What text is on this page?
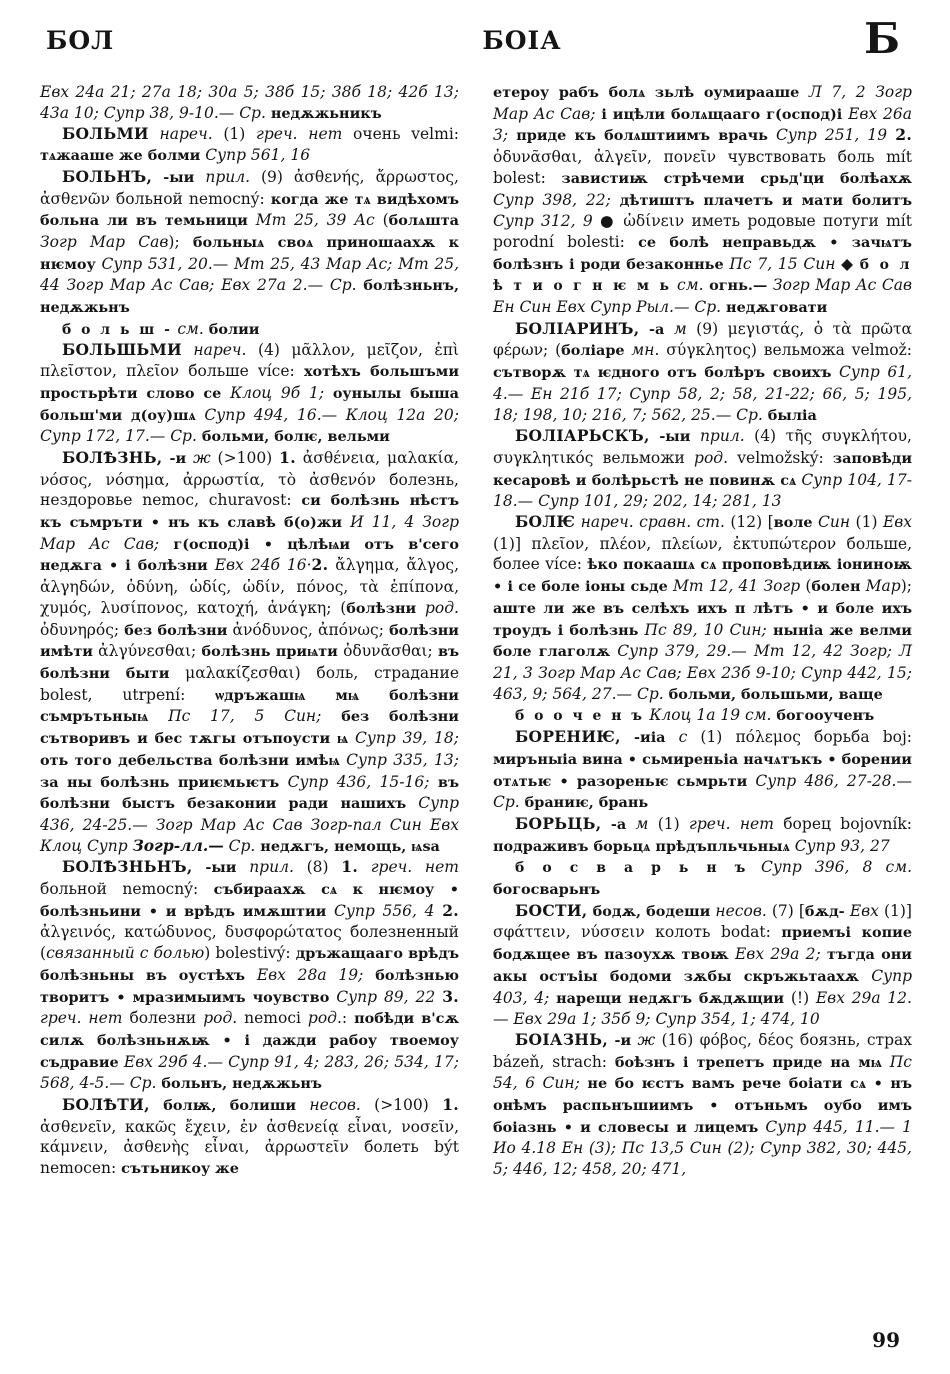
БОЛ	БОІА	Б

Евх 24а 21; 27а 18; 30а 5; 38б 15; 38б 18; 42б 13; 43а 10; Супр 38, 9-10.— Ср. недѫжьникъ

БОЛЬМИ нареч. (1) греч. нет очень velmi: тѧжааше же болми Супр 561, 16

БОЛЬНЪ, -ыи прил. (9) ἀσθενής, ἄρρωστος, ἀσθενῶν больной nemocný: когда же тѧ видѣхомъ больна ли въ темьници Мт 25, 39 Ас (болѧшта Зогр Мар Сав); больныѧ своѧ приношаахѫ к нѥмоу Супр 531, 20.— Мт 25, 43 Мар Ас; Мт 25, 44 Зогр Мар Ас Сав; Евх 27а 2.— Ср. болѣзньнъ, недѫжьнъ

б о л ь ш - см. болии

БОЛЬШЬМИ нареч. (4) μᾶλλον, μεῖζον, ἐπὶ πλεῖστον, πλεῖον больше více: хотѣхъ большъми простьрѣти слово се Клоц 9б 1; оунылы быша больш'ми д(оу)шѧ Супр 494, 16.— Клоц 12а 20; Супр 172, 17.— Ср. больми, болѥ, вельми

БОЛѢЗНЬ, -и ж (>100) 1. ἀσθένεια, μαλακία, νόσος, νόσημα, ἀρρωστία, τὸ ἀσθενόν болезнь, нездоровье nemoc, churavost: си болѣзнь нѣстъ къ съмръти • нъ къ славѣ б(о)жи И 11, 4 Зогр Мар Ас Сав; г(оспод)і • цѣлѣѩи отъ в'сего недѫга • і болѣзни Евх 24б 16·2. ἄλγημα, ἄλγος, ἀλγηδών, ὀδύνη, ὠδίς, ὠδίν, πόνος, τὰ ἐπίπονα, χυμός, λυσίπονος, κατοχή, ἀνάγκη; (болѣзни род. ὀδυνηρός; без болѣзни ἀνόδυνος, ἀπόνως; болѣзни имѣти ἀλγύνεσθαι; болѣзнь приѩти ὀδυνᾶσθαι; въ болѣзни быти μαλακίζεσθαι) боль, страдание bolest, utrpení: ѡдръжашѩ мѩ болѣзни съмрътьныѩ Пс 17, 5 Син; без болѣзни сътворивъ и бес тѫгы отъпоусти ѩ Супр 39, 18; оть того дебельства болѣзни имѣѩ Супр 335, 13; за ны болѣзнь приѥмьѥтъ Супр 436, 15-16; въ болѣзни быстъ безаконии ради нашихъ Супр 436, 24-25.— Зогр Мар Ас Сав Зогр-пал Син Евх Клоц Супр Зогр-лл.— Ср. недѫгъ, немощь, ѩѕа

БОЛѢЗНЬНЪ, -ыи прил. (8) 1. греч. нет больной nemocný: събираахѫ сѧ к нѥмоу • болѣзньини • и врѣдъ имѫштии Супр 556, 4 2. ἀλγεινός, κατώδυνος, δυσφορώτατος болезненный (связанный с болью) bolestivý: дръжащааго врѣдъ болѣзньны въ оустѣхъ Евх 28а 19; болѣзнью творитъ • мразимыимъ чоувство Супр 89, 22 3. греч. нет болезни род. nemoci род.: побѣди в'сѫ силѫ болѣзньнѫѭ • і дажди рабоу твоемоу съдравие Евх 29б 4.— Супр 91, 4; 283, 26; 534, 17; 568, 4-5.— Ср. больнъ, недѫжьнъ

БОЛѢТИ, болѭ, болиши несов. (>100) 1. ἀσθενεῖν, κακῶς ἔχειν, ἐν ἀσθενείᾳ εἶναι, νοσεῖν, κάμνειν, ἀσθενὴς εἶναι, ἀρρωστεῖν болеть být nemocen: сътьникоу же

етероу рабъ болѧ зьлѣ оумирааше Л 7, 2 Зогр Мар Ас Сав; і ицѣли болѧщааго г(оспод)і Евх 26а 3; приде къ болѧштиимъ врачь Супр 251, 19 2. ὀδυνᾶσθαι, ἀλγεῖν, πονεῖν чувствовать боль mít bolest: завистиѭ стрѣчеми срьд'ци болѣахѫ Супр 398, 22; дѣтиштъ плачетъ и мати болитъ Супр 312, 9 ● ὠδίνειν иметь родовые потуги mít porodní bolesti: се болѣ неправьдѫ • зачѩтъ болѣзнъ і роди безаконнье Пс 7, 15 Син ◆ б о л ѣ т и о г н ѥ м ь см. огнь.— Зогр Мар Ас Сав Ен Син Евх Супр Рыл.— Ср. недѫговати

БОЛІАРИНЪ, -а м (9) μεγιστάς, ὁ τὰ πρῶτα φέρων; (боліаре мн. σύγκλητος) вельможа velmož: сътворѫ тѧ ѥдного отъ болѣръ своихъ Супр 61, 4.— Ен 21б 17; Супр 58, 2; 58, 21-22; 66, 5; 195, 18; 198, 10; 216, 7; 562, 25.— Ср. быліа

БОЛІАРЬСКЪ, -ыи прил. (4) τῆς συγκλήτου, συγκλητικός вельможи род. velmožský: заповѣди кесаровѣ и болѣрьстѣ не повинѫ сѧ Супр 104, 17-18.— Супр 101, 29; 202, 14; 281, 13

БОЛѤ нареч. сравн. ст. (12) [воле Син (1) Евх (1)] πλεῖον, πλέον, πλείων, ἐκτυπώτερον больше, более více: ѣко покаашѧ сѧ проповѣдиѭ іониноѭ • і се боле іоны сьде Мт 12, 41 Зогр (болен Мар); аште ли же въ селѣхъ ихъ п лѣтъ • и боле ихъ троудъ і болѣзнь Пс 89, 10 Син; ныніа же велми боле глаголѫ Супр 379, 29.— Мт 12, 42 Зогр; Л 21, 3 Зогр Мар Ас Сав; Евх 23б 9-10; Супр 442, 15; 463, 9; 564, 27.— Ср. больми, большьми, ваще

б о о ч е н ъ Клоц 1а 19 см. богооученъ

БОРЕНИѤ, -иіа с (1) πόλεμος борьба boj: миръныіа вина • сьмиреньіа начѧтъкъ • борении отѧтьѥ • разореньѥ сьмрьти Супр 486, 27-28.— Ср. браниѥ, брань

БОРЬЦЬ, -а м (1) греч. нет борец bojovník: подраживъ борьцѧ прѣдъпльчьныѧ Супр 93, 27

б о с в а р ь н ъ Супр 396, 8 см. богосварьнъ

БОСТИ, бодѫ, бодеши несов. (7) [бѫд- Евх (1)] σφάττειν, νύσσειν колоть bodat: приемъі копие бодѫщее въ пазоухѫ твоѭ Евх 29а 2; тъгда они акы остъіы бодоми зѫбы скръжьтаахѫ Супр 403, 4; нарещи недѫгъ бѫдѫщии (!) Евх 29а 12.— Евх 29а 1; 35б 9; Супр 354, 1; 474, 10

БОІАЗНЬ, -и ж (16) φόβος, δέος боязнь, страх bázeň, strach: боѣзнъ і трепетъ приде на мѩ Пс 54, 6 Син; не бо ѥстъ вамъ рече боіати сѧ • нъ онѣмъ распьнъшиимъ • отъньмъ оубо имъ боіазнь • и словесы и лицемъ Супр 445, 11.— 1 Ио 4.18 Ен (3); Пс 13,5 Син (2); Супр 382, 30; 445, 5; 446, 12; 458, 20; 471,

99
